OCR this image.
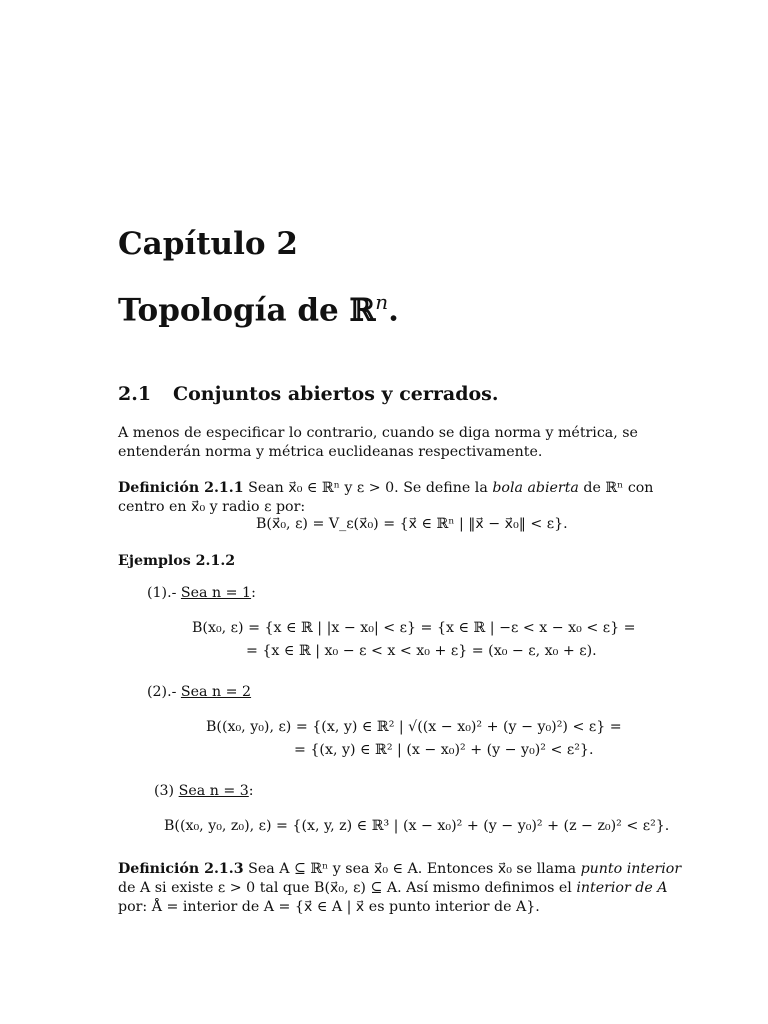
Capítulo 2
Topología de ℝ$^n$.
2.1 Conjuntos abiertos y cerrados.
A menos de especificar lo contrario, cuando se diga norma y métrica, se entenderán norma y métrica euclideanas respectivamente.
Definición 2.1.1 Sean x⃗₀ ∈ ℝⁿ y ε > 0. Se define la bola abierta de ℝⁿ con centro en x⃗₀ y radio ε por:
B(x⃗₀, ε) = V_ε(x⃗₀) = {x⃗ ∈ ℝⁿ | ‖x⃗ − x⃗₀‖ < ε}.
Ejemplos 2.1.2
(1).- Sea n = 1:
B(x₀, ε) = {x ∈ ℝ | |x − x₀| < ε} = {x ∈ ℝ | −ε < x − x₀ < ε} =
= {x ∈ ℝ | x₀ − ε < x < x₀ + ε} = (x₀ − ε, x₀ + ε).
(2).- Sea n = 2
B((x₀, y₀), ε) = {(x, y) ∈ ℝ² | √((x − x₀)² + (y − y₀)²) < ε} =
= {(x, y) ∈ ℝ² | (x − x₀)² + (y − y₀)² < ε²}.
(3) Sea n = 3:
B((x₀, y₀, z₀), ε) = {(x, y, z) ∈ ℝ³ | (x − x₀)² + (y − y₀)² + (z − z₀)² < ε²}.
Definición 2.1.3 Sea A ⊆ ℝⁿ y sea x⃗₀ ∈ A. Entonces x⃗₀ se llama punto interior de A si existe ε > 0 tal que B(x⃗₀, ε) ⊆ A. Así mismo definimos el interior de A por: Å = interior de A = {x⃗ ∈ A | x⃗ es punto interior de A}.
